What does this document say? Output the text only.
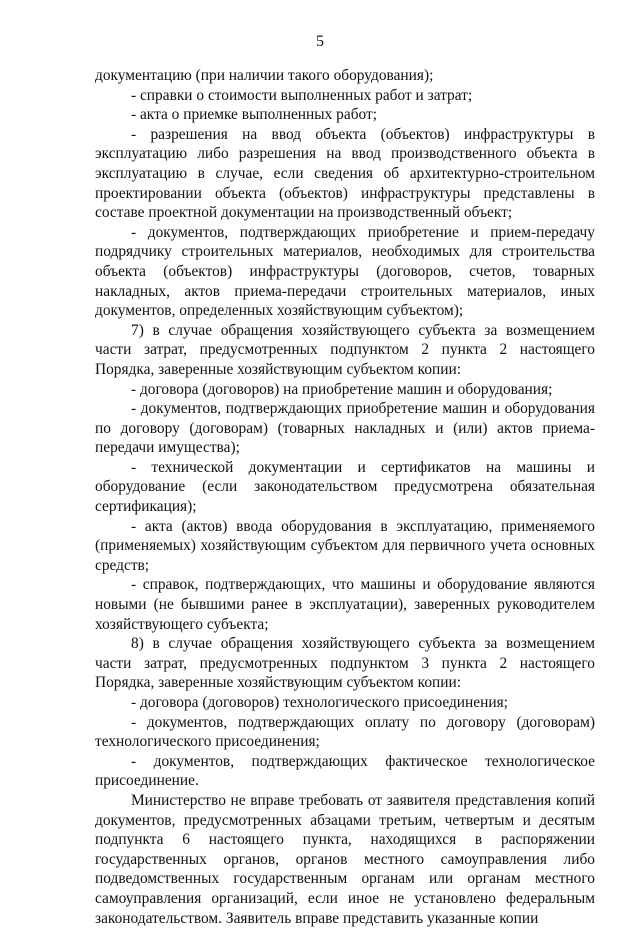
5

документацию (при наличии такого оборудования);

- справки о стоимости выполненных работ и затрат;

- акта о приемке выполненных работ;

- разрешения на ввод объекта (объектов) инфраструктуры в эксплуатацию либо разрешения на ввод производственного объекта в эксплуатацию в случае, если сведения об архитектурно-строительном проектировании объекта (объектов) инфраструктуры представлены в составе проектной документации на производственный объект;

- документов, подтверждающих приобретение и прием-передачу подрядчику строительных материалов, необходимых для строительства объекта (объектов) инфраструктуры (договоров, счетов, товарных накладных, актов приема-передачи строительных материалов, иных документов, определенных хозяйствующим субъектом);

7) в случае обращения хозяйствующего субъекта за возмещением части затрат, предусмотренных подпунктом 2 пункта 2 настоящего Порядка, заверенные хозяйствующим субъектом копии:

- договора (договоров) на приобретение машин и оборудования;

- документов, подтверждающих приобретение машин и оборудования по договору (договорам) (товарных накладных и (или) актов приема-передачи имущества);

- технической документации и сертификатов на машины и оборудование (если законодательством предусмотрена обязательная сертификация);

- акта (актов) ввода оборудования в эксплуатацию, применяемого (применяемых) хозяйствующим субъектом для первичного учета основных средств;

- справок, подтверждающих, что машины и оборудование являются новыми (не бывшими ранее в эксплуатации), заверенных руководителем хозяйствующего субъекта;

8) в случае обращения хозяйствующего субъекта за возмещением части затрат, предусмотренных подпунктом 3 пункта 2 настоящего Порядка, заверенные хозяйствующим субъектом копии:

- договора (договоров) технологического присоединения;

- документов, подтверждающих оплату по договору (договорам) технологического присоединения;

- документов, подтверждающих фактическое технологическое присоединение.

Министерство не вправе требовать от заявителя представления копий документов, предусмотренных абзацами третьим, четвертым и десятым подпункта 6 настоящего пункта, находящихся в распоряжении государственных органов, органов местного самоуправления либо подведомственных государственным органам или органам местного самоуправления организаций, если иное не установлено федеральным законодательством. Заявитель вправе представить указанные копии
